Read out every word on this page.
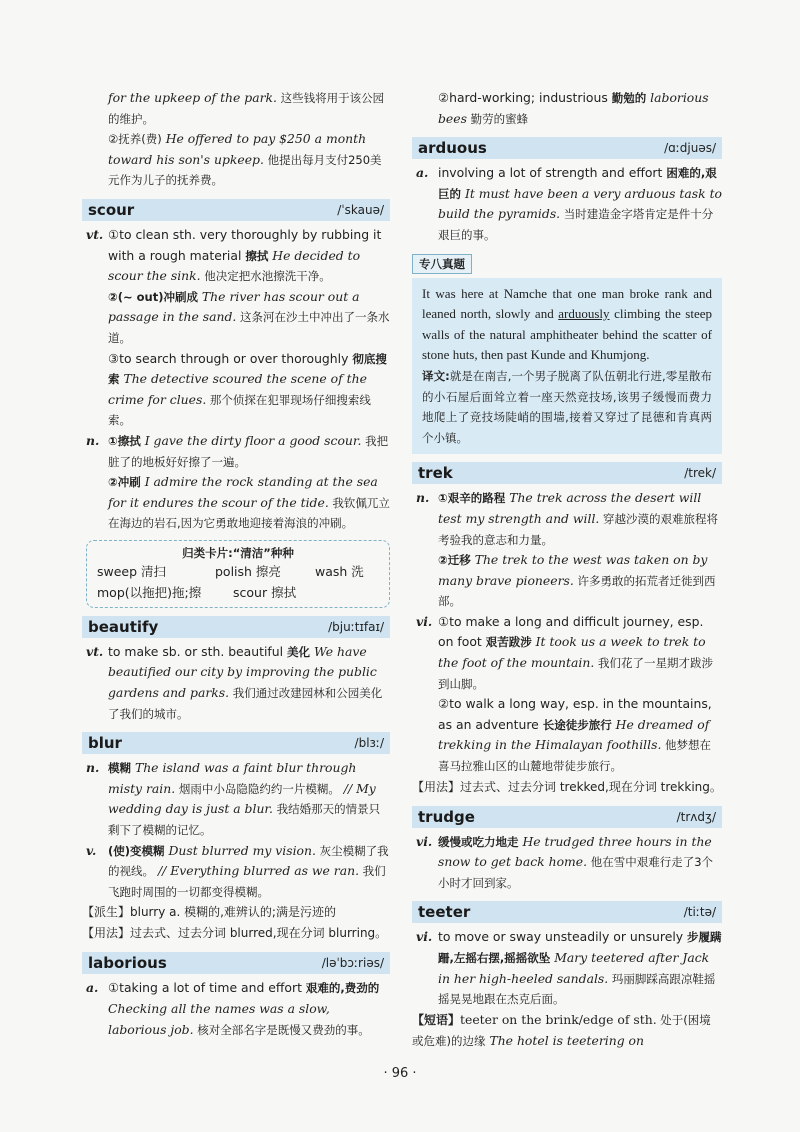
for the upkeep of the park. 这些钱将用于该公园的维护。

②抚养(费) He offered to pay $250 a month toward his son's upkeep. 他提出每月支付250美元作为儿子的抚养费。

scour	/ˈskauə/

vt. ①to clean sth. very thoroughly by rubbing it with a rough material 擦拭 He decided to scour the sink. 他决定把水池擦洗干净。

②(~ out)冲刷成 The river has scour out a passage in the sand. 这条河在沙土中冲出了一条水道。

③to search through or over thoroughly 彻底搜索 The detective scoured the scene of the crime for clues. 那个侦探在犯罪现场仔细搜索线索。

n. ①擦拭 I gave the dirty floor a good scour. 我把脏了的地板好好擦了一遍。

②冲刷 I admire the rock standing at the sea for it endures the scour of the tide. 我钦佩兀立在海边的岩石,因为它勇敢地迎接着海浪的冲刷。

归类卡片:“清洁”种种
sweep 清扫	polish 擦亮	wash 洗
mop(以拖把)拖;擦	scour 擦拭
beautify	/bjuːtɪfaɪ/

vt. to make sb. or sth. beautiful 美化 We have beautified our city by improving the public gardens and parks. 我们通过改建园林和公园美化了我们的城市。

blur	/blɜː/

n. 模糊 The island was a faint blur through misty rain. 烟雨中小岛隐隐约约一片模糊。 // My wedding day is just a blur. 我结婚那天的情景只剩下了模糊的记忆。

v. (使)变模糊 Dust blurred my vision. 灰尘模糊了我的视线。 // Everything blurred as we ran. 我们飞跑时周围的一切都变得模糊。

【派生】blurry a. 模糊的,难辨认的;满是污迹的

【用法】过去式、过去分词 blurred,现在分词 blurring。

laborious	/ləˈbɔːriəs/

a. ①taking a lot of time and effort 艰难的,费劲的 Checking all the names was a slow, laborious job. 核对全部名字是既慢又费劲的事。

②hard-working; industrious 勤勉的 laborious bees 勤劳的蜜蜂

arduous	/ɑːdjuəs/

a. involving a lot of strength and effort 困难的,艰巨的 It must have been a very arduous task to build the pyramids. 当时建造金字塔肯定是件十分艰巨的事。

专八真题
It was here at Namche that one man broke rank and leaned north, slowly and arduously climbing the steep walls of the natural amphitheater behind the scatter of stone huts, then past Kunde and Khumjong.
译文:就是在南吉,一个男子脱离了队伍朝北行进,零星散布的小石屋后面耸立着一座天然竞技场,该男子缓慢而费力地爬上了竞技场陡峭的围墙,接着又穿过了昆德和肯真两个小镇。
trek	/trek/

n. ①艰辛的路程 The trek across the desert will test my strength and will. 穿越沙漠的艰难旅程将考验我的意志和力量。

②迁移 The trek to the west was taken on by many brave pioneers. 许多勇敢的拓荒者迁徙到西部。

vi. ①to make a long and difficult journey, esp. on foot 艰苦跋涉 It took us a week to trek to the foot of the mountain. 我们花了一星期才跋涉到山脚。

②to walk a long way, esp. in the mountains, as an adventure 长途徒步旅行 He dreamed of trekking in the Himalayan foothills. 他梦想在喜马拉雅山区的山麓地带徒步旅行。

【用法】过去式、过去分词 trekked,现在分词 trekking。

trudge	/trʌdʒ/

vi. 缓慢或吃力地走 He trudged three hours in the snow to get back home. 他在雪中艰难行走了3个小时才回到家。

teeter	/tiːtə/

vi. to move or sway unsteadily or unsurely 步履蹒跚,左摇右摆,摇摇欲坠 Mary teetered after Jack in her high-heeled sandals. 玛丽脚踩高跟凉鞋摇摇晃晃地跟在杰克后面。

【短语】teeter on the brink/edge of sth. 处于(困境或危难)的边缘 The hotel is teetering on

· 96 ·
